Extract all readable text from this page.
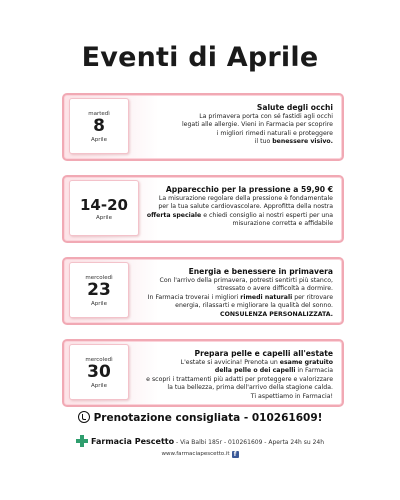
Eventi di Aprile
martedì
8
Aprile
Salute degli occhi
La primavera porta con sé fastidi agli occhi
legati alle allergie. Vieni in Farmacia per scoprire
i migliori rimedi naturali e proteggere
il tuo benessere visivo.
14-20
Aprile
Apparecchio per la pressione a 59,90 €
La misurazione regolare della pressione è fondamentale
per la tua salute cardiovascolare. Approfitta della nostra
offerta speciale e chiedi consiglio ai nostri esperti per una
misurazione corretta e affidabile
mercoledì
23
Aprile
Energia e benessere in primavera
Con l'arrivo della primavera, potresti sentirti più stanco,
stressato o avere difficoltà a dormire.
In Farmacia troverai i migliori rimedi naturali per ritrovare
energia, rilassarti e migliorare la qualità del sonno.
CONSULENZA PERSONALIZZATA.
mercoledì
30
Aprile
Prepara pelle e capelli all'estate
L'estate si avvicina! Prenota un esame gratuito
della pelle o dei capelli in Farmacia
e scopri i trattamenti più adatti per proteggere e valorizzare
la tua bellezza, prima dell'arrivo della stagione calda.
Ti aspettiamo in Farmacia!
Prenotazione consigliata - 010261609!
Farmacia Pescetto - Via Balbi 185r - 010261609 - Aperta 24h su 24h
www.farmaciapescetto.it f
